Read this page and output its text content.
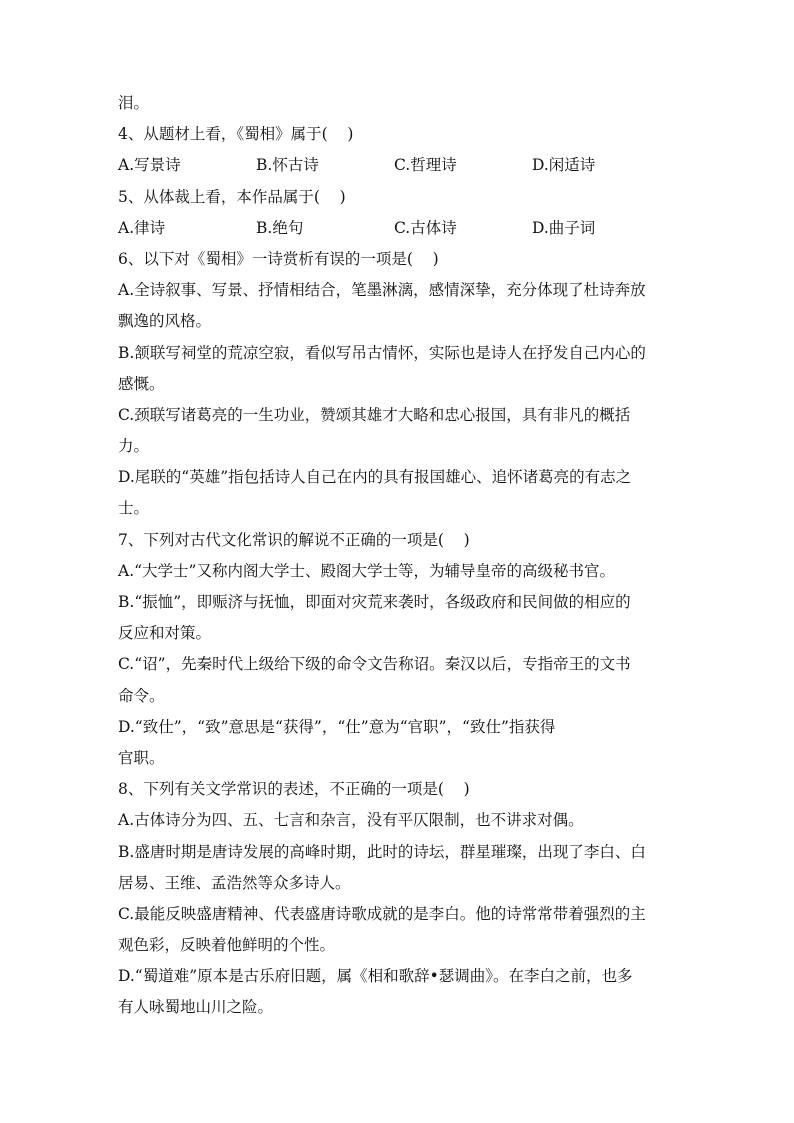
泪。

4、从题材上看，《蜀相》属于(    )

A.写景诗	B.怀古诗	C.哲理诗	D.闲适诗

5、从体裁上看，本作品属于(    )

A.律诗	B.绝句	C.古体诗	D.曲子词

6、以下对《蜀相》一诗赏析有误的一项是(    )

A.全诗叙事、写景、抒情相结合，笔墨淋漓，感情深挚，充分体现了杜诗奔放

飘逸的风格。

B.颔联写祠堂的荒凉空寂，看似写吊古情怀，实际也是诗人在抒发自己内心的

感慨。

C.颈联写诸葛亮的一生功业，赞颂其雄才大略和忠心报国，具有非凡的概括

力。

D.尾联的“英雄”指包括诗人自己在内的具有报国雄心、追怀诸葛亮的有志之

士。

7、下列对古代文化常识的解说不正确的一项是(    )

A.“大学士”又称内阁大学士、殿阁大学士等，为辅导皇帝的高级秘书官。

B.“振恤”，即赈济与抚恤，即面对灾荒来袭时，各级政府和民间做的相应的

反应和对策。

C.“诏”，先秦时代上级给下级的命令文告称诏。秦汉以后，专指帝王的文书

命令。

D.“致仕”，“致”意思是“获得”，“仕”意为“官职”，“致仕”指获得

官职。

8、下列有关文学常识的表述，不正确的一项是(    )

A.古体诗分为四、五、七言和杂言，没有平仄限制，也不讲求对偶。

B.盛唐时期是唐诗发展的高峰时期，此时的诗坛，群星璀璨，出现了李白、白

居易、王维、孟浩然等众多诗人。

C.最能反映盛唐精神、代表盛唐诗歌成就的是李白。他的诗常常带着强烈的主

观色彩，反映着他鲜明的个性。

D.“蜀道难”原本是古乐府旧题，属《相和歌辞•瑟调曲》。在李白之前，也多

有人咏蜀地山川之险。
